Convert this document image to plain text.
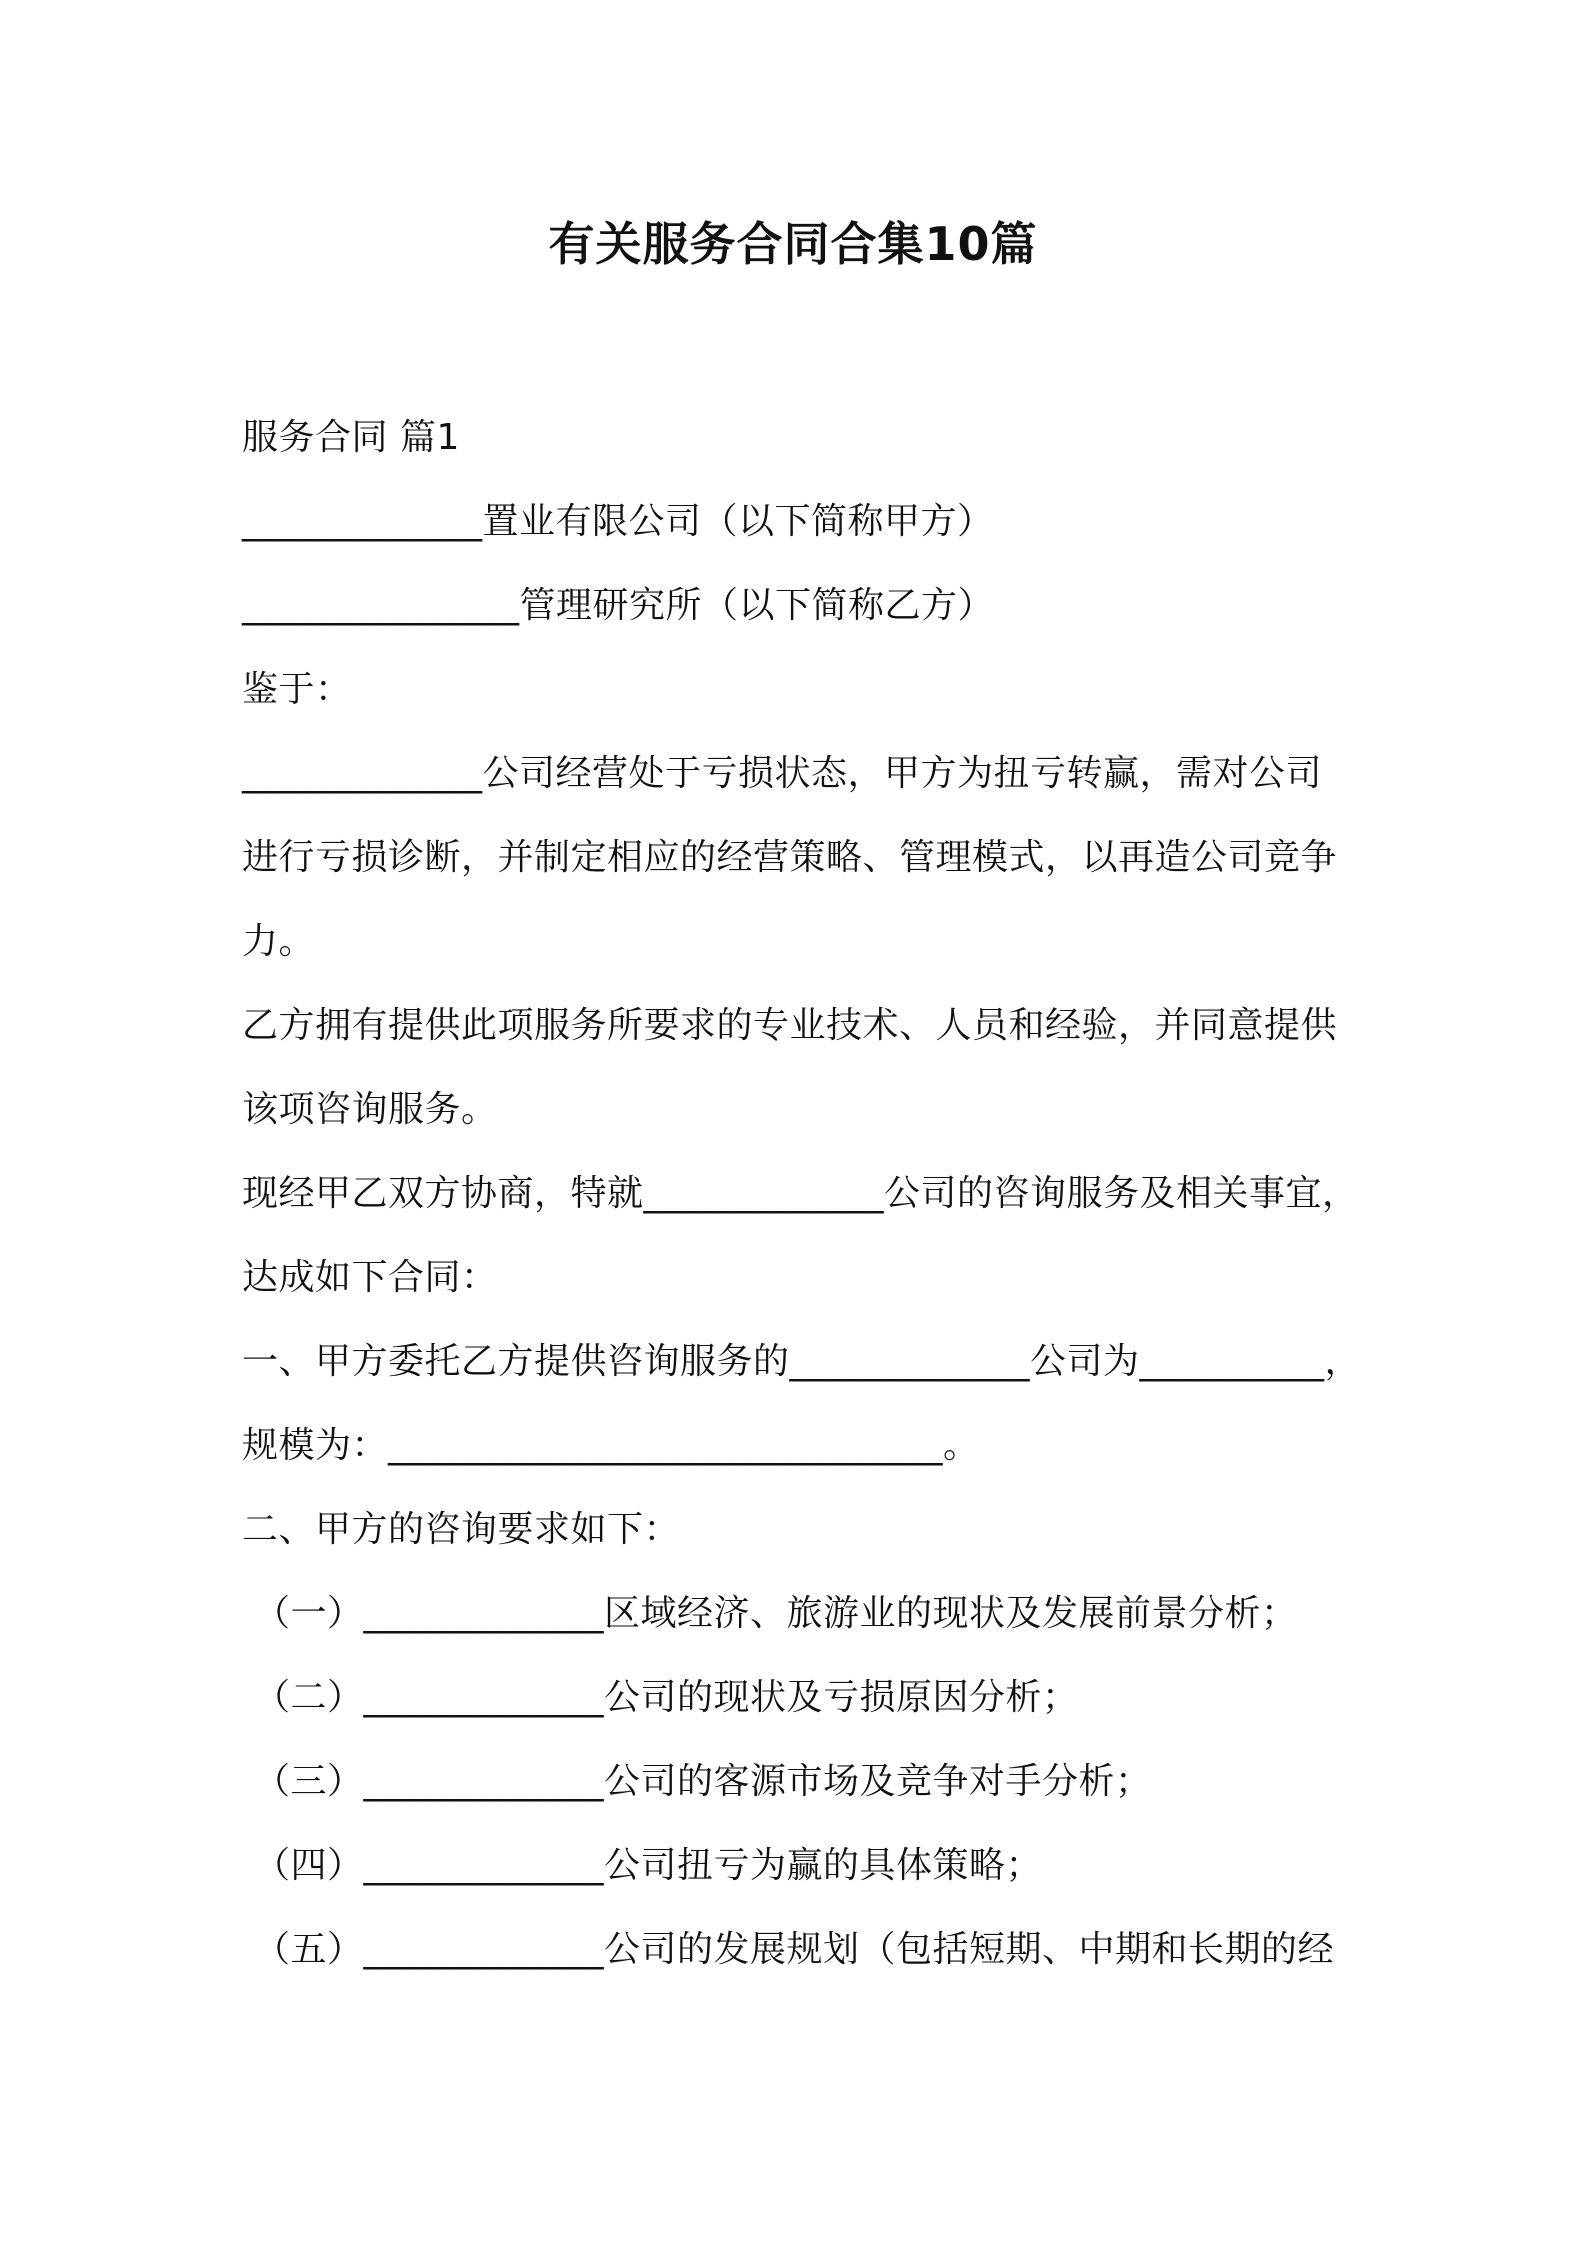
有关服务合同合集10篇
服务合同 篇1
_____________置业有限公司（以下简称甲方）
_______________管理研究所（以下简称乙方）
鉴于：
_____________公司经营处于亏损状态，甲方为扭亏转赢，需对公司
进行亏损诊断，并制定相应的经营策略、管理模式，以再造公司竞争
力。
乙方拥有提供此项服务所要求的专业技术、人员和经验，并同意提供
该项咨询服务。
现经甲乙双方协商，特就_____________公司的咨询服务及相关事宜，
达成如下合同：
一、甲方委托乙方提供咨询服务的_____________公司为__________，
规模为：______________________________。
二、甲方的咨询要求如下：
（一）_____________区域经济、旅游业的现状及发展前景分析；
（二）_____________公司的现状及亏损原因分析；
（三）_____________公司的客源市场及竞争对手分析；
（四）_____________公司扭亏为赢的具体策略；
（五）_____________公司的发展规划（包括短期、中期和长期的经
